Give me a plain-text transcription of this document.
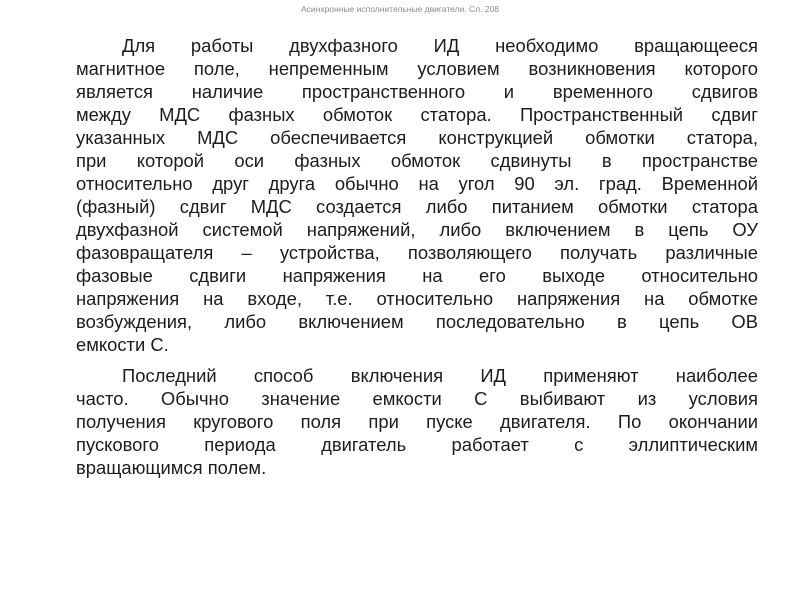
Асинхронные исполнительные двигатели. Сл. 208
Для работы двухфазного ИД необходимо вращающееся
магнитное поле, непременным условием возникновения которого
является наличие пространственного и временного сдвигов
между МДС фазных обмоток статора. Пространственный сдвиг
указанных МДС обеспечивается конструкцией обмотки статора,
при которой оси фазных обмоток сдвинуты в пространстве
относительно друг друга обычно на угол 90 эл. град. Временной
(фазный) сдвиг МДС создается либо питанием обмотки статора
двухфазной системой напряжений, либо включением в цепь ОУ
фазовращателя – устройства, позволяющего получать различные
фазовые сдвиги напряжения на его выходе относительно
напряжения на входе, т.е. относительно напряжения на обмотке
возбуждения, либо включением последовательно в цепь ОВ
емкости С.
Последний способ включения ИД применяют наиболее
часто. Обычно значение емкости С выбивают из условия
получения кругового поля при пуске двигателя. По окончании
пускового периода двигатель работает с эллиптическим
вращающимся полем.
